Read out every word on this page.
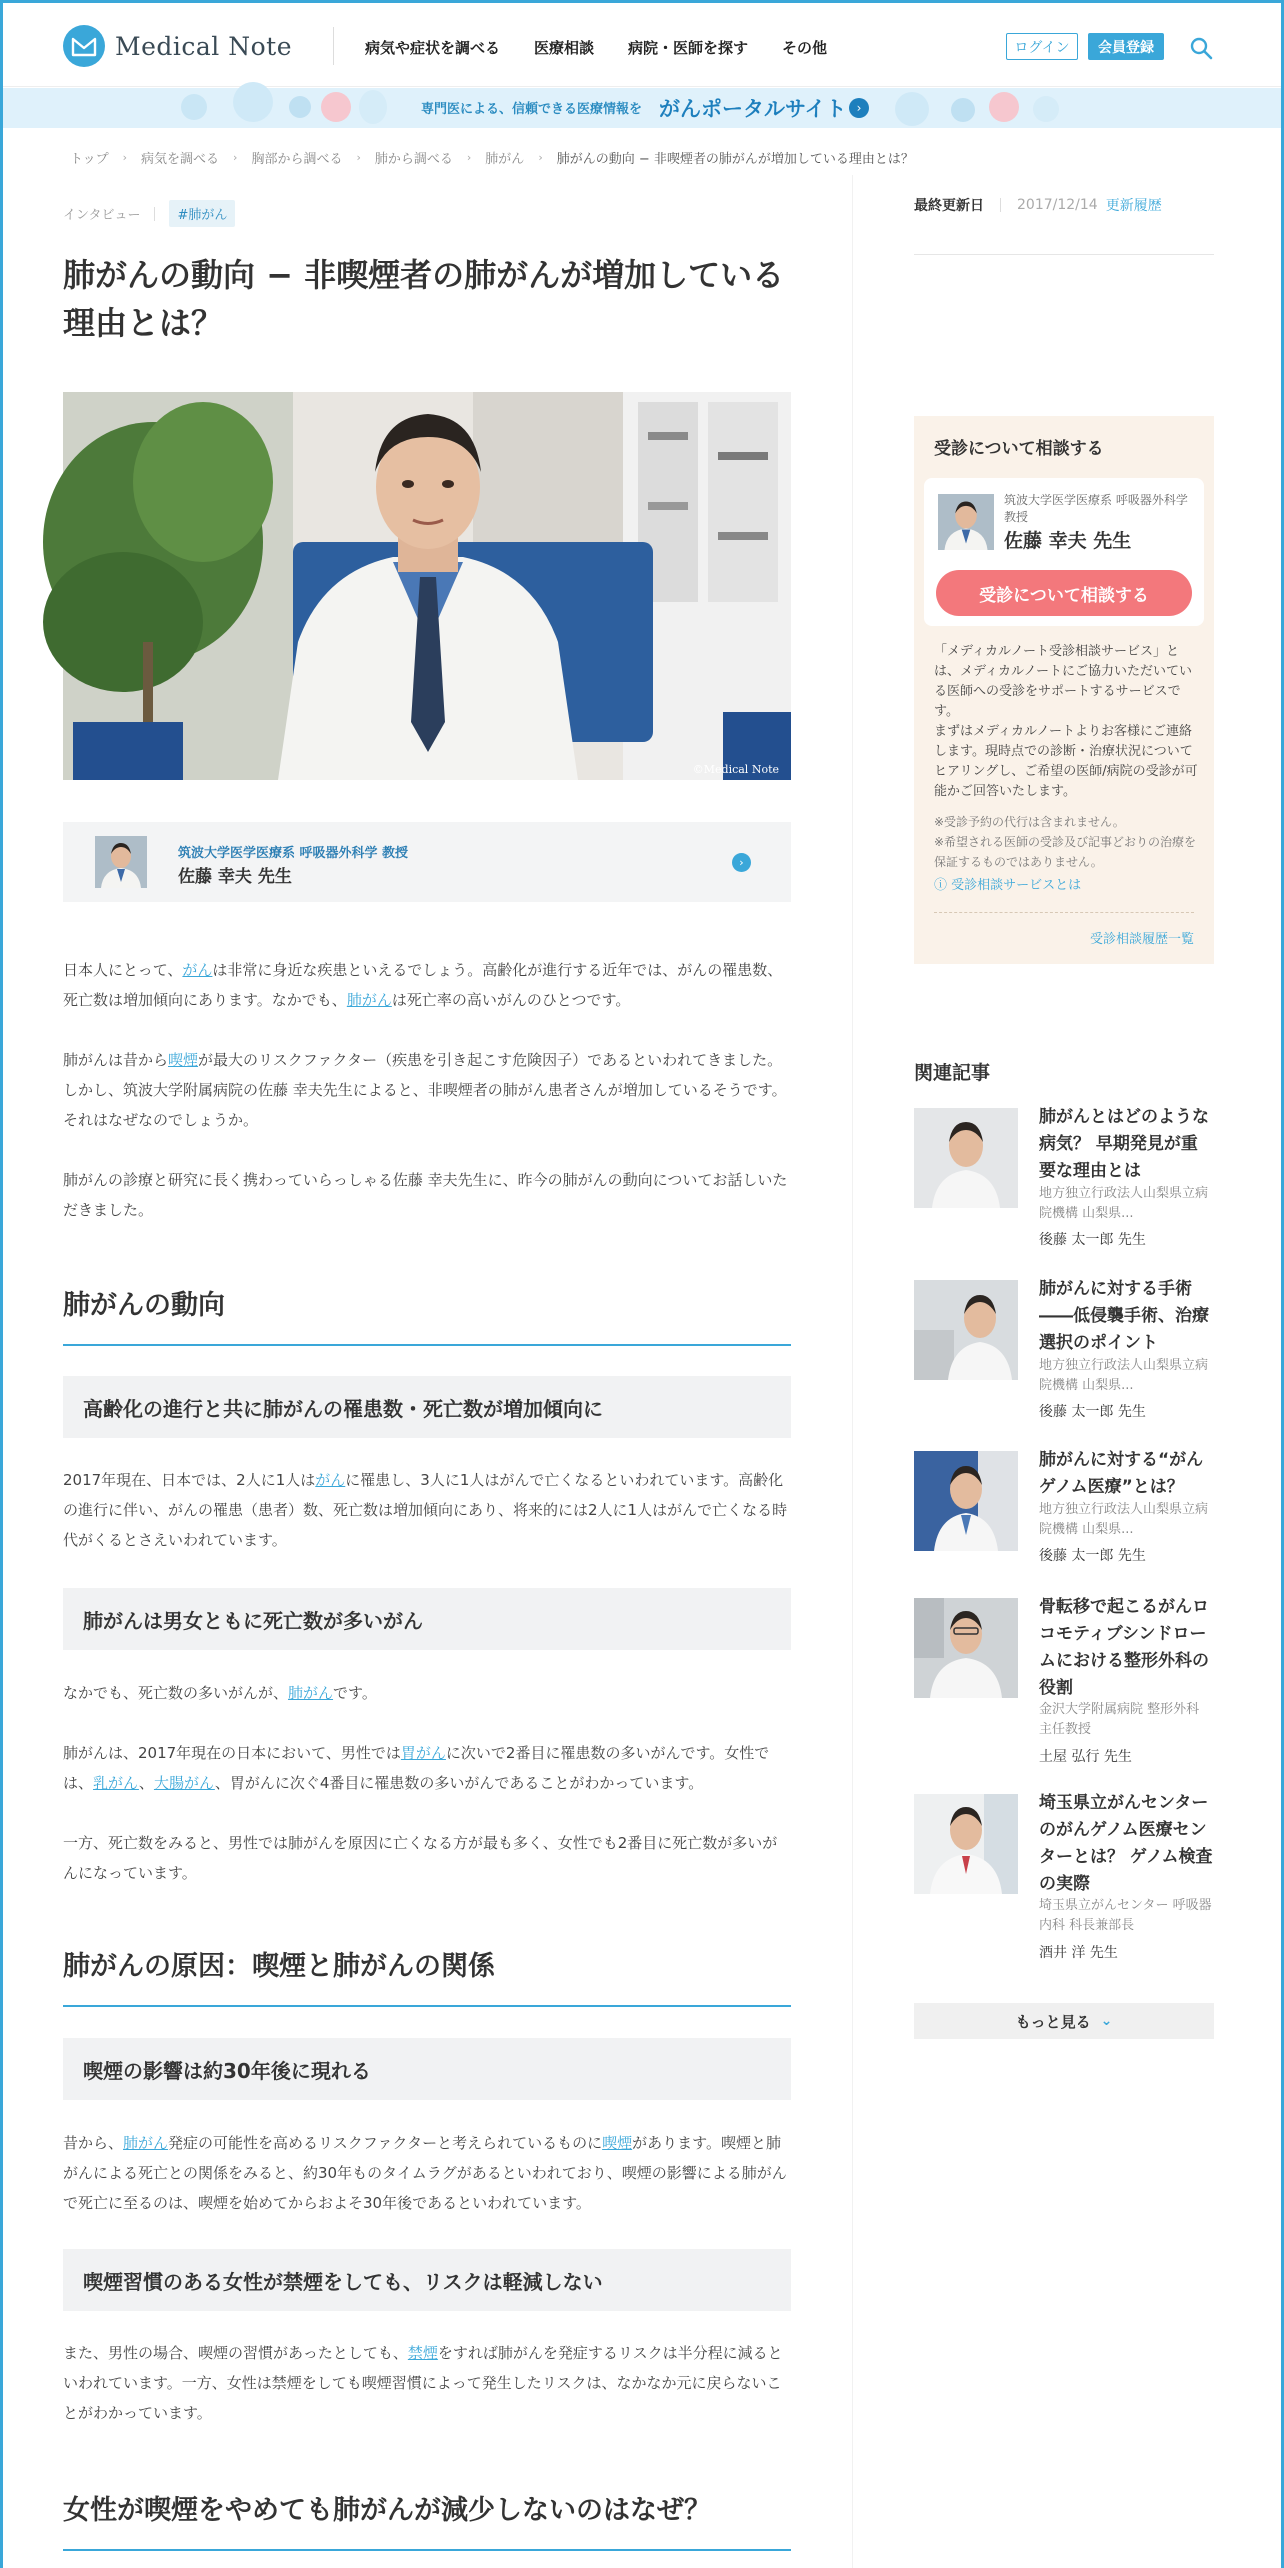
Medical Note	病気や症状を調べる 医療相談 病院・医師を探す その他	ログイン	会員登録
専門医による、信頼できる医療情報を がんポータルサイト ›
トップ › 病気を調べる › 胸部から調べる › 肺から調べる › 肺がん › 肺がんの動向 − 非喫煙者の肺がんが増加している理由とは？
インタビュー	#肺がん
肺がんの動向 − 非喫煙者の肺がんが増加している
理由とは？
©Medical Note
筑波大学医学医療系 呼吸器外科学 教授
佐藤 幸夫 先生
›

日本人にとって、がんは非常に身近な疾患といえるでしょう。高齢化が進行する近年では、がんの罹患数、死亡数は増加傾向にあります。なかでも、肺がんは死亡率の高いがんのひとつです。

肺がんは昔から喫煙が最大のリスクファクター（疾患を引き起こす危険因子）であるといわれてきました。しかし、筑波大学附属病院の佐藤 幸夫先生によると、非喫煙者の肺がん患者さんが増加しているそうです。それはなぜなのでしょうか。

肺がんの診療と研究に長く携わっていらっしゃる佐藤 幸夫先生に、昨今の肺がんの動向についてお話しいただきました。

肺がんの動向
高齢化の進行と共に肺がんの罹患数・死亡数が増加傾向に

2017年現在、日本では、2人に1人はがんに罹患し、3人に1人はがんで亡くなるといわれています。高齢化の進行に伴い、がんの罹患（患者）数、死亡数は増加傾向にあり、将来的には2人に1人はがんで亡くなる時代がくるとさえいわれています。

肺がんは男女ともに死亡数が多いがん

なかでも、死亡数の多いがんが、肺がんです。

肺がんは、2017年現在の日本において、男性では胃がんに次いで2番目に罹患数の多いがんです。女性では、乳がん、大腸がん、胃がんに次ぐ4番目に罹患数の多いがんであることがわかっています。

一方、死亡数をみると、男性では肺がんを原因に亡くなる方が最も多く、女性でも2番目に死亡数が多いがんになっています。

肺がんの原因：喫煙と肺がんの関係
喫煙の影響は約30年後に現れる

昔から、肺がん発症の可能性を高めるリスクファクターと考えられているものに喫煙があります。喫煙と肺がんによる死亡との関係をみると、約30年ものタイムラグがあるといわれており、喫煙の影響による肺がんで死亡に至るのは、喫煙を始めてからおよそ30年後であるといわれています。

喫煙習慣のある女性が禁煙をしても、リスクは軽減しない

また、男性の場合、喫煙の習慣があったとしても、禁煙をすれば肺がんを発症するリスクは半分程に減るといわれています。一方、女性は禁煙をしても喫煙習慣によって発生したリスクは、なかなか元に戻らないことがわかっています。

女性が喫煙をやめても肺がんが減少しないのはなぜ？
最終更新日 2017/12/14 更新履歴
受診について相談する
筑波大学医学医療系 呼吸器外科学 教授
佐藤 幸夫 先生
受診について相談する
「メディカルノート受診相談サービス」とは、メディカルノートにご協力いただいている医師への受診をサポートするサービスです。
まずはメディカルノートよりお客様にご連絡します。現時点での診断・治療状況についてヒアリングし、ご希望の医師/病院の受診が可能かご回答いたします。
※受診予約の代行は含まれません。
※希望される医師の受診及び記事どおりの治療を保証するものではありません。
ⓘ 受診相談サービスとは
受診相談履歴一覧
関連記事
肺がんとはどのような病気？ 早期発見が重要な理由とは
地方独立行政法人山梨県立病院機構 山梨県...
後藤 太一郎 先生
肺がんに対する手術――低侵襲手術、治療選択のポイント
地方独立行政法人山梨県立病院機構 山梨県...
後藤 太一郎 先生
肺がんに対する“がんゲノム医療”とは？
地方独立行政法人山梨県立病院機構 山梨県...
後藤 太一郎 先生
骨転移で起こるがんロコモティブシンドロームにおける整形外科の役割
金沢大学附属病院 整形外科 主任教授
土屋 弘行 先生
埼玉県立がんセンターのがんゲノム医療センターとは？ ゲノム検査の実際
埼玉県立がんセンター 呼吸器内科 科長兼部長
酒井 洋 先生
もっと見る ⌄
